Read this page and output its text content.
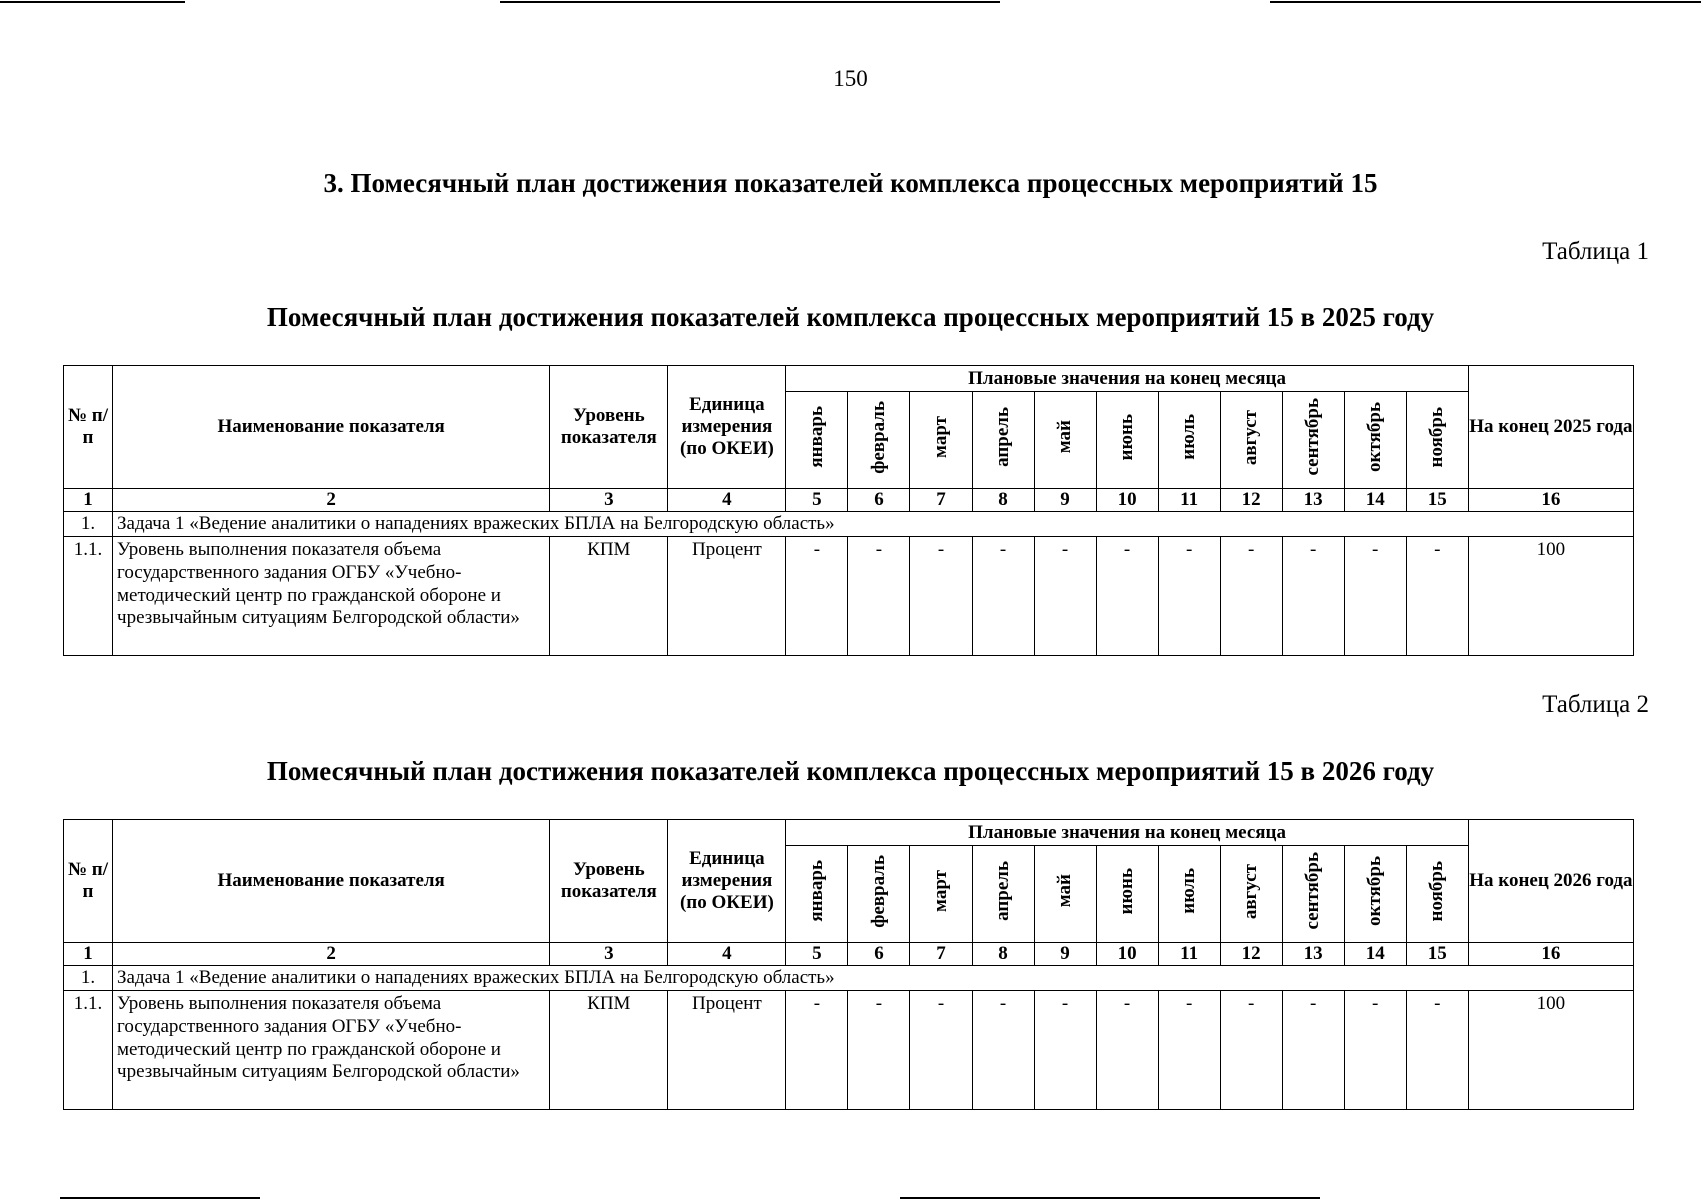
150
3. Помесячный план достижения показателей комплекса процессных мероприятий 15
Таблица 1
Помесячный план достижения показателей комплекса процессных мероприятий 15 в 2025 году
№ п/п	Наименование показателя	Уровень показателя	Единица измерения (по ОКЕИ)	Плановые значения на конец месяца											На конец 2025 года
				январь	февраль	март	апрель	май	июнь	июль	август	сентябрь	октябрь	ноябрь	
1	2	3	4	5	6	7	8	9	10	11	12	13	14	15	16
1.	Задача 1 «Ведение аналитики о нападениях вражеских БПЛА на Белгородскую область»														
1.1.	Уровень выполнения показателя объема государственного задания ОГБУ «Учебно-методический центр по гражданской обороне и чрезвычайным ситуациям Белгородской области»	КПМ	Процент	-	-	-	-	-	-	-	-	-	-	-	100
Таблица 2
Помесячный план достижения показателей комплекса процессных мероприятий 15 в 2026 году
№ п/п	Наименование показателя	Уровень показателя	Единица измерения (по ОКЕИ)	Плановые значения на конец месяца											На конец 2026 года
				январь	февраль	март	апрель	май	июнь	июль	август	сентябрь	октябрь	ноябрь	
1	2	3	4	5	6	7	8	9	10	11	12	13	14	15	16
1.	Задача 1 «Ведение аналитики о нападениях вражеских БПЛА на Белгородскую область»														
1.1.	Уровень выполнения показателя объема государственного задания ОГБУ «Учебно-методический центр по гражданской обороне и чрезвычайным ситуациям Белгородской области»	КПМ	Процент	-	-	-	-	-	-	-	-	-	-	-	100
